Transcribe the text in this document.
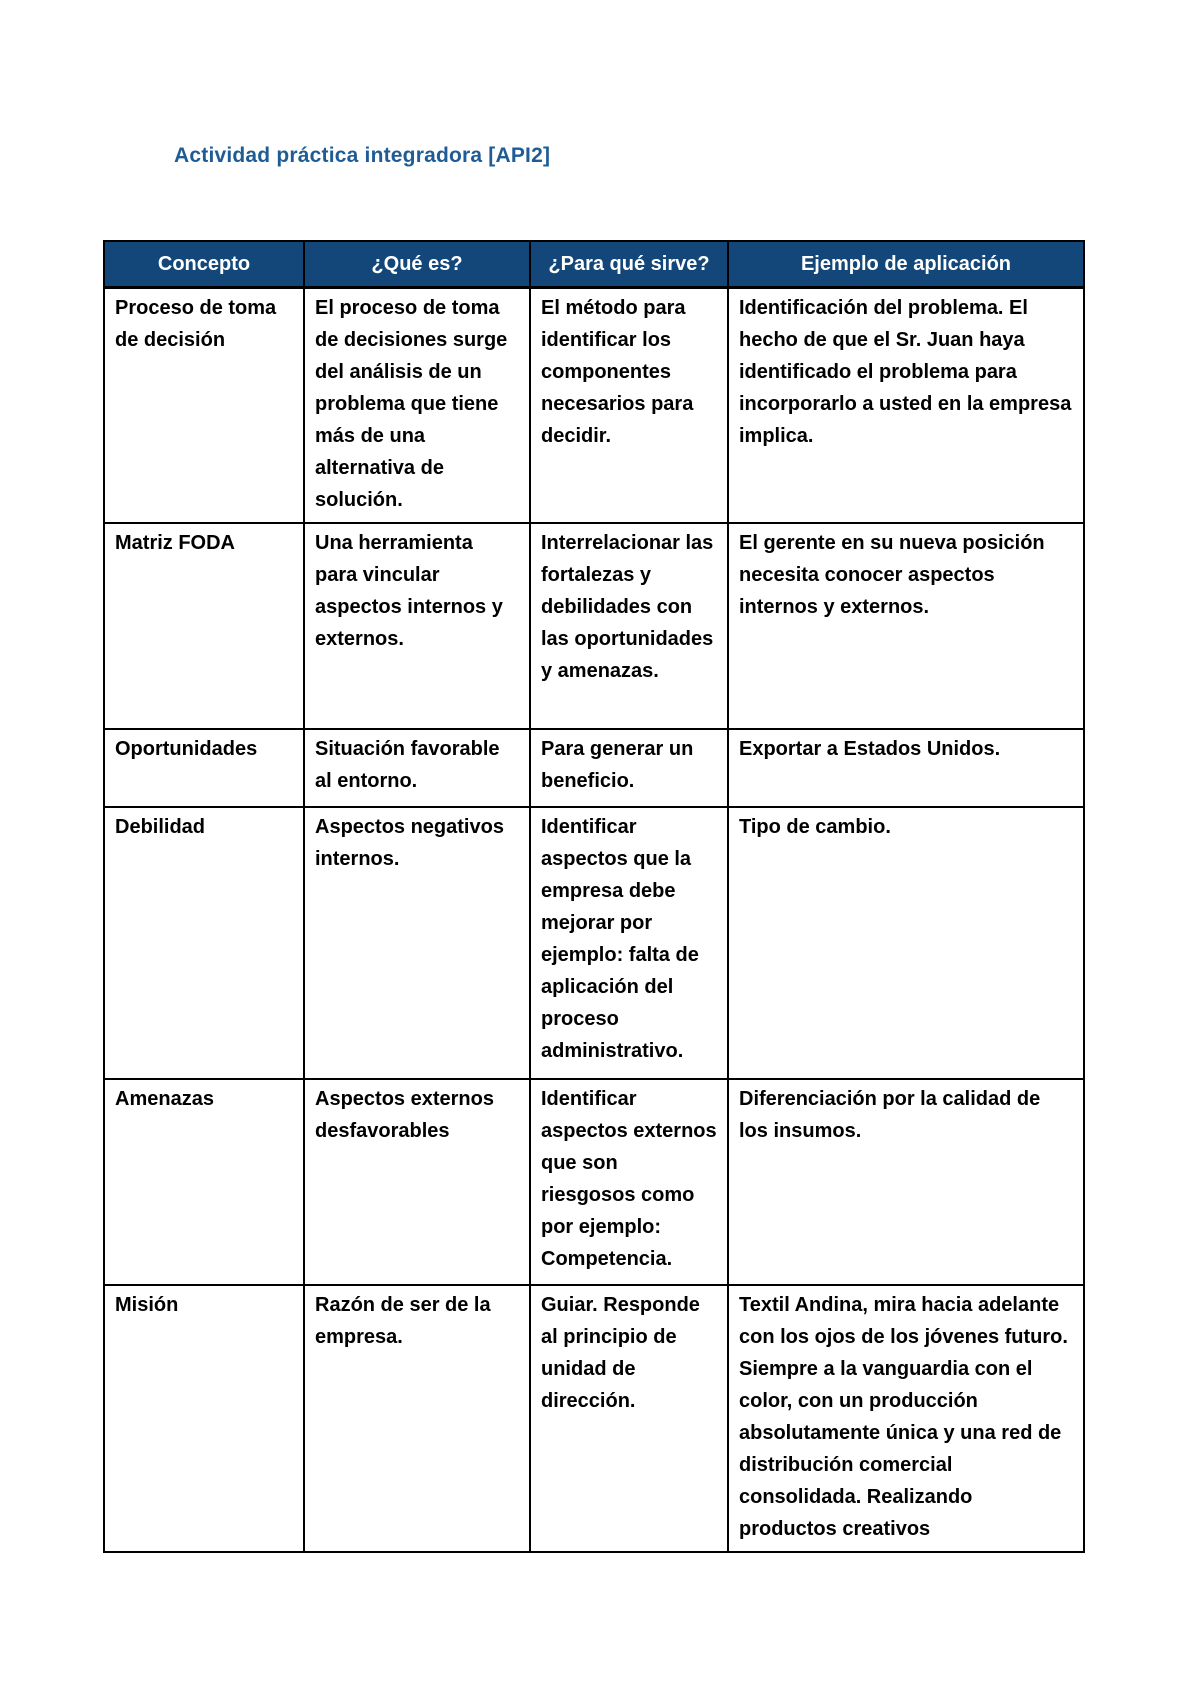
Actividad práctica integradora [API2]
Concepto	¿Qué es?	¿Para qué sirve?	Ejemplo de aplicación
Proceso de toma de decisión	El proceso de toma de decisiones surge del análisis de un problema que tiene más de una alternativa de solución.	El método para identificar los componentes necesarios para decidir.	Identificación del problema. El hecho de que el Sr. Juan haya identificado el problema para incorporarlo a usted en la empresa implica.
Matriz FODA	Una herramienta para vincular aspectos internos y externos.	Interrelacionar las fortalezas y debilidades con las oportunidades y amenazas.	El gerente en su nueva posición necesita conocer aspectos internos y externos.
Oportunidades	Situación favorable al entorno.	Para generar un beneficio.	Exportar a Estados Unidos.
Debilidad	Aspectos negativos internos.	Identificar aspectos que la empresa debe mejorar por ejemplo: falta de aplicación del proceso administrativo.	Tipo de cambio.
Amenazas	Aspectos externos desfavorables	Identificar aspectos externos que son riesgosos como por ejemplo: Competencia.	Diferenciación por la calidad de los insumos.
Misión	Razón de ser de la empresa.	Guiar. Responde al principio de unidad de dirección.	Textil Andina, mira hacia adelante con los ojos de los jóvenes futuro. Siempre a la vanguardia con el color, con un producción absolutamente única y una red de distribución comercial consolidada. Realizando productos creativos
